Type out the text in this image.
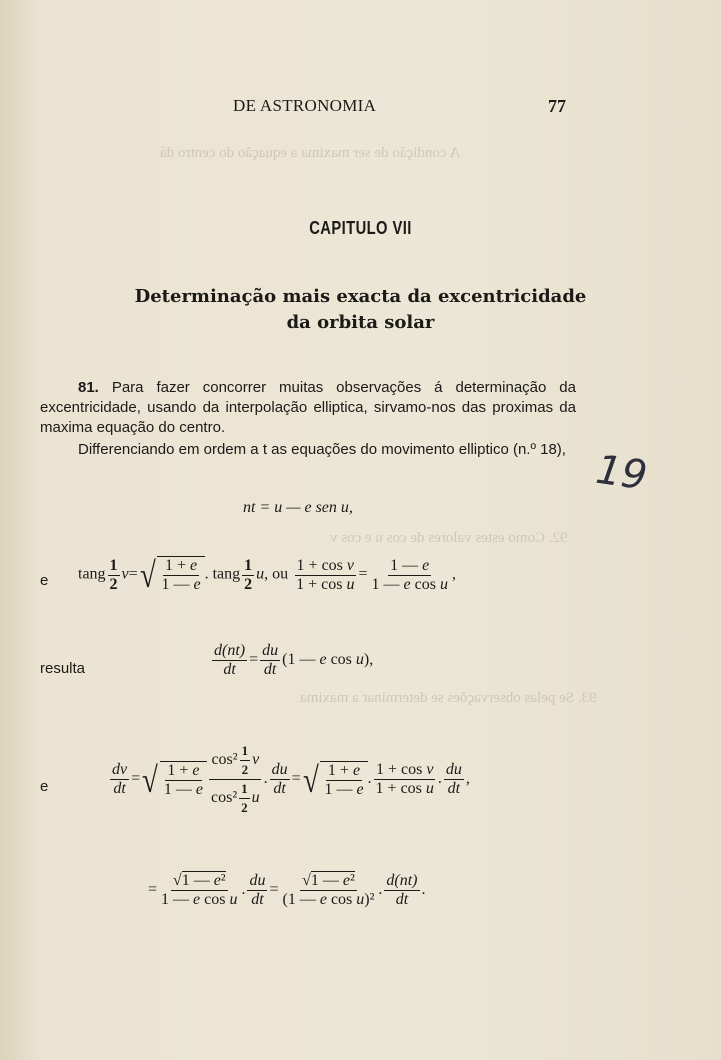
A condição de ser maxima a equação do centro dá
92. Como estes valores de cos u e cos v
93. Se pelas observações se determinar a maxima
DE ASTRONOMIA	77
CAPITULO VII
Determinação mais exacta da excentricidade
da orbita solar
81. Para fazer concorrer muitas observações á determinação da excentricidade, usando da interpolação elliptica, sirvamo-nos das proximas da maxima equação do centro.
Differenciando em ordem a t as equações do movimento elliptico (n.º 18), 19
nt = u — e sen u,
e tang $\frac{1}{2} v=$ √ $\frac{1 + e}{1 — e}$ . tang $\frac{1}{2} u$, ou $\frac{\text{1 + cos v}}{\text{1 + cos u}} = \frac{1 — e}{\text{1 — e cos u}}$ ,
resulta	$\frac{d(nt)}{dt} = \frac{du}{dt} (1$ — e cos u),
e	$\frac{dv}{dt}$ = √ $\frac{1 + e}{1 — e} \frac{\cos^2 \frac{1}{2} v}{\cos^2 \frac{1}{2} u}$ . $\frac{du}{dt}$ = √ $\frac{1 + e}{1 — e}$ . $\frac{\text{1 + cos v}}{\text{1 + cos u}}$ . $\frac{du}{dt}$ ,
= $\frac{\text{√1 — e²}}{\text{1 — e cos u}}$ . $\frac{du}{dt} = \frac{\text{√1 — e²}}{\text{(1 — e cos u)²}}$ . $\frac{d(nt)}{dt}$ .
